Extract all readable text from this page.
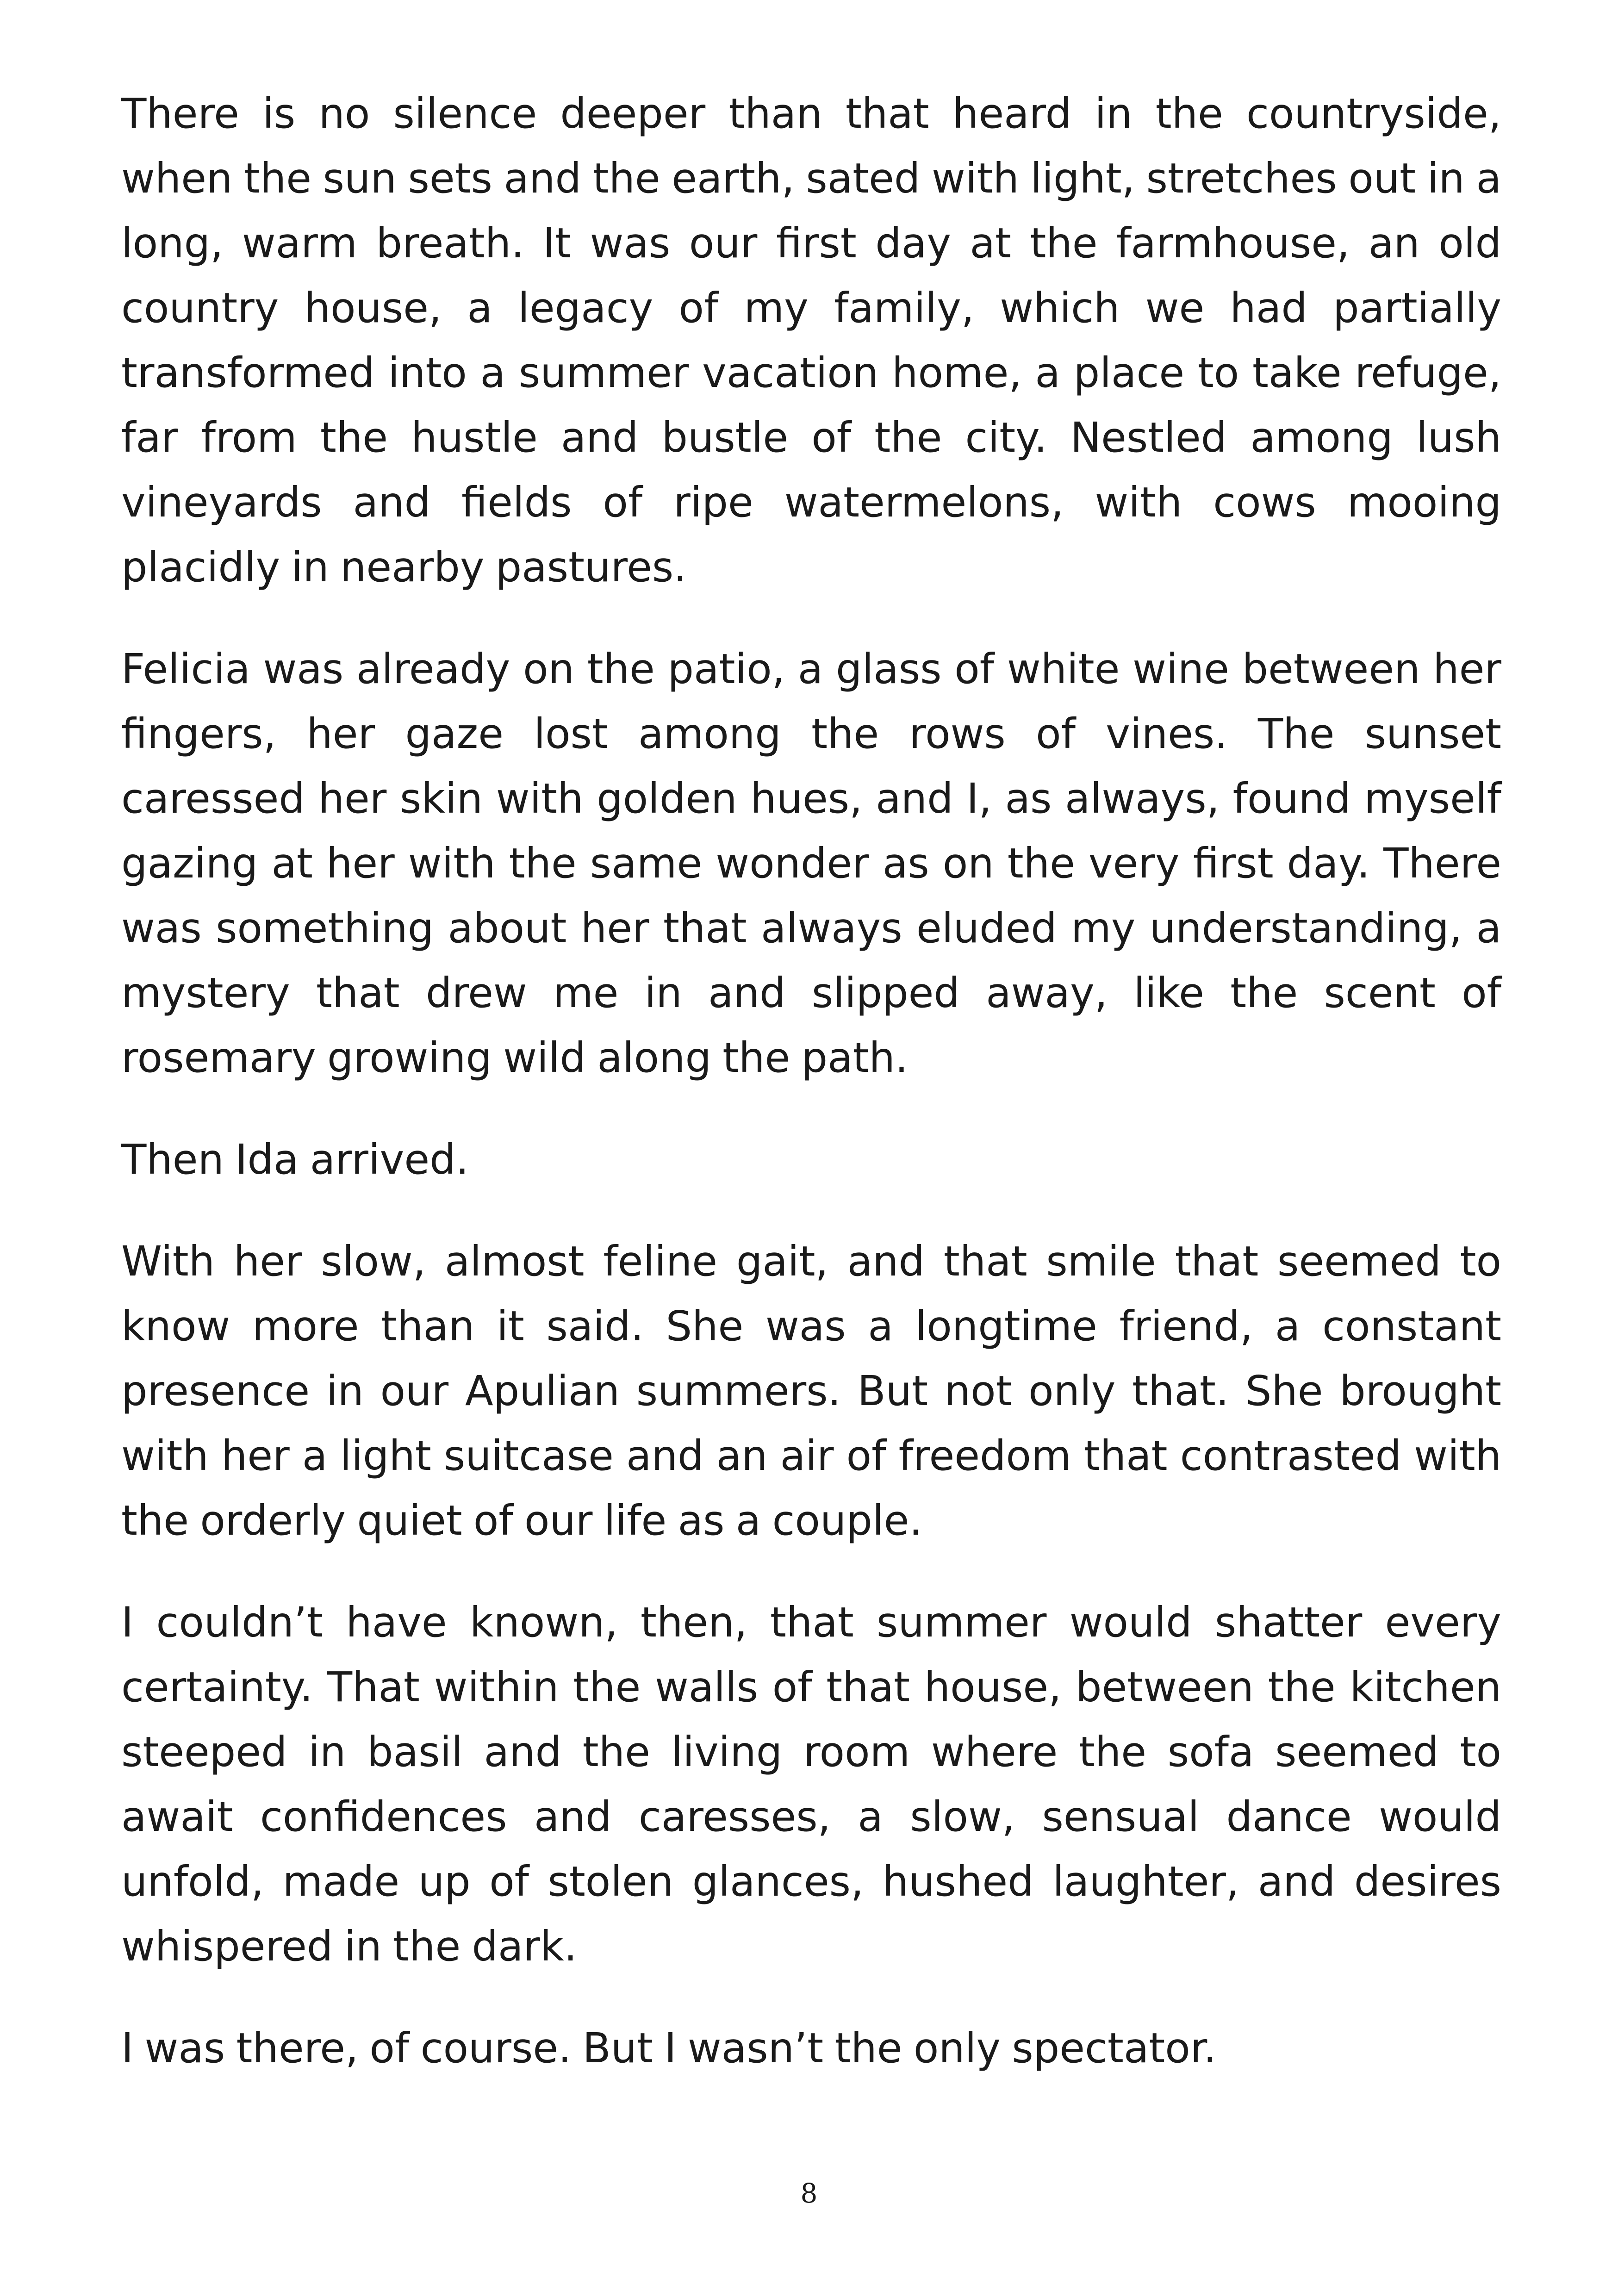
There is no silence deeper than that heard in the countryside, when the sun sets and the earth, sated with light, stretches out in a long, warm breath. It was our first day at the farmhouse, an old country house, a legacy of my family, which we had partially transformed into a summer vacation home, a place to take refuge, far from the hustle and bustle of the city. Nestled among lush vineyards and fields of ripe watermelons, with cows mooing placidly in nearby pastures.

Felicia was already on the patio, a glass of white wine between her fingers, her gaze lost among the rows of vines. The sunset caressed her skin with golden hues, and I, as always, found myself gazing at her with the same wonder as on the very first day. There was something about her that always eluded my understanding, a mystery that drew me in and slipped away, like the scent of rosemary growing wild along the path.

Then Ida arrived.

With her slow, almost feline gait, and that smile that seemed to know more than it said. She was a longtime friend, a constant presence in our Apulian summers. But not only that. She brought with her a light suitcase and an air of freedom that contrasted with the orderly quiet of our life as a couple.

I couldn’t have known, then, that summer would shatter every certainty. That within the walls of that house, between the kitchen steeped in basil and the living room where the sofa seemed to await confidences and caresses, a slow, sensual dance would unfold, made up of stolen glances, hushed laughter, and desires whispered in the dark.

I was there, of course. But I wasn’t the only spectator.

8
